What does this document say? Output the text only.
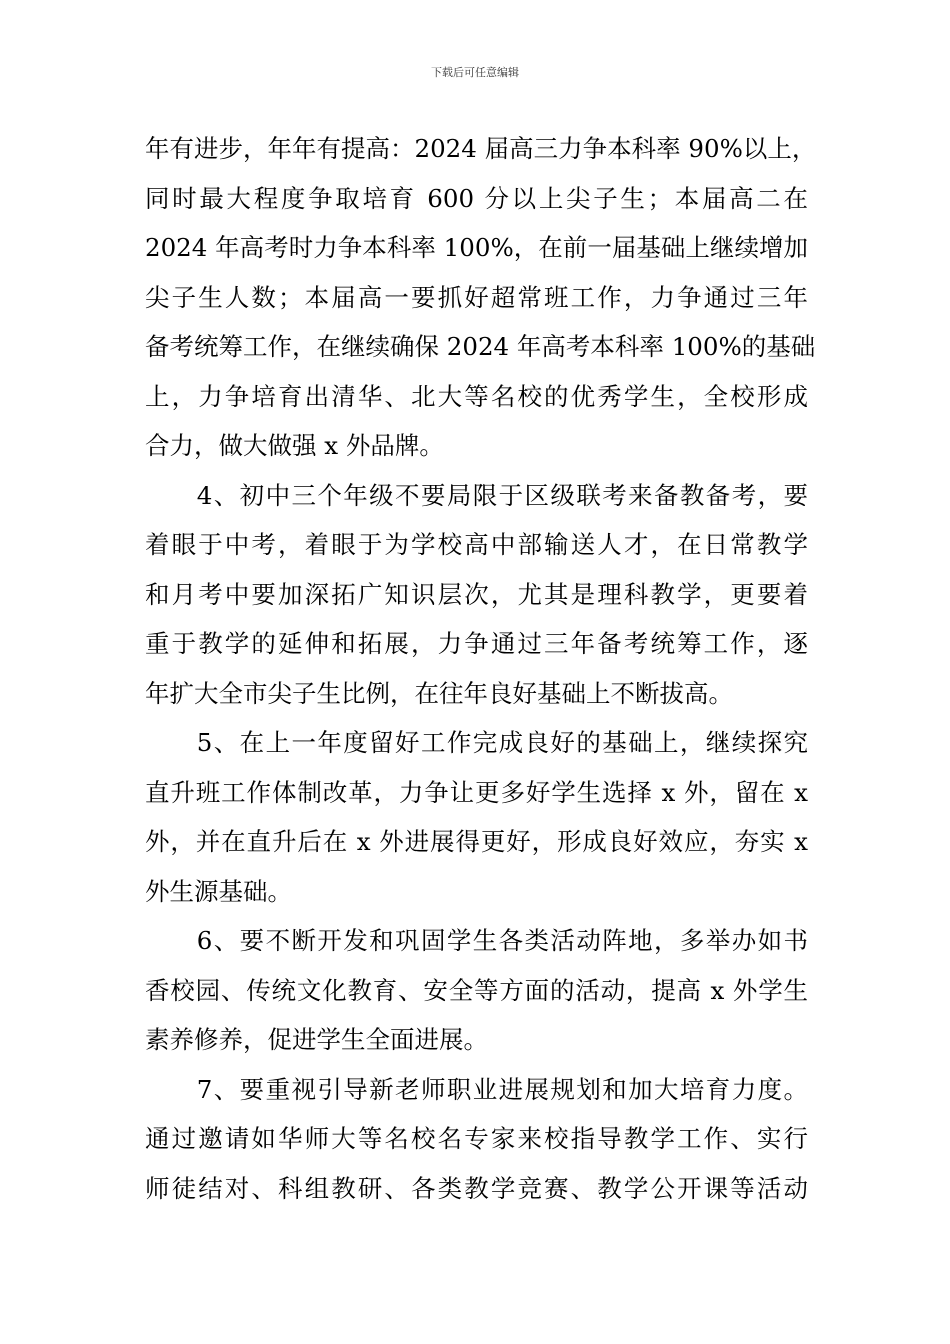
下载后可任意编辑
年有进步，年年有提高：2024 届高三力争本科率 90%以上，
同时最大程度争取培育 600 分以上尖子生；本届高二在
2024 年高考时力争本科率 100%，在前一届基础上继续增加
尖子生人数；本届高一要抓好超常班工作，力争通过三年
备考统筹工作，在继续确保 2024 年高考本科率 100%的基础
上，力争培育出清华、北大等名校的优秀学生，全校形成
合力，做大做强 x 外品牌。
　　4、初中三个年级不要局限于区级联考来备教备考，要
着眼于中考，着眼于为学校高中部输送人才，在日常教学
和月考中要加深拓广知识层次，尤其是理科教学，更要着
重于教学的延伸和拓展，力争通过三年备考统筹工作，逐
年扩大全市尖子生比例，在往年良好基础上不断拔高。
　　5、在上一年度留好工作完成良好的基础上，继续探究
直升班工作体制改革，力争让更多好学生选择 x 外，留在 x
外，并在直升后在 x 外进展得更好，形成良好效应，夯实 x
外生源基础。
　　6、要不断开发和巩固学生各类活动阵地，多举办如书
香校园、传统文化教育、安全等方面的活动，提高 x 外学生
素养修养，促进学生全面进展。
　　7、要重视引导新老师职业进展规划和加大培育力度。
通过邀请如华师大等名校名专家来校指导教学工作、实行
师徒结对、科组教研、各类教学竞赛、教学公开课等活动
